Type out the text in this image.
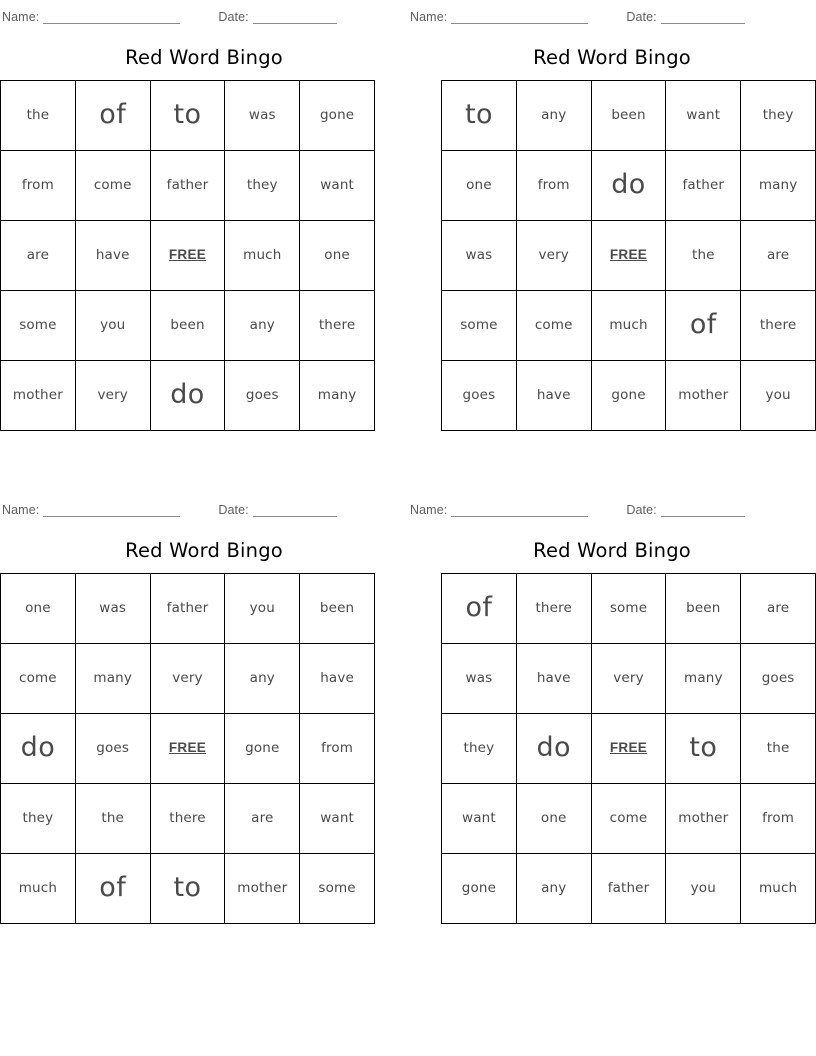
Name:	Date:
Red Word Bingo
the	of	to	was	gone
from	come	father	they	want
are	have	FREE	much	one
some	you	been	any	there
mother	very	do	goes	many
Name:	Date:
Red Word Bingo
to	any	been	want	they
one	from	do	father	many
was	very	FREE	the	are
some	come	much	of	there
goes	have	gone	mother	you
Name:	Date:
Red Word Bingo
one	was	father	you	been
come	many	very	any	have
do	goes	FREE	gone	from
they	the	there	are	want
much	of	to	mother	some
Name:	Date:
Red Word Bingo
of	there	some	been	are
was	have	very	many	goes
they	do	FREE	to	the
want	one	come	mother	from
gone	any	father	you	much
